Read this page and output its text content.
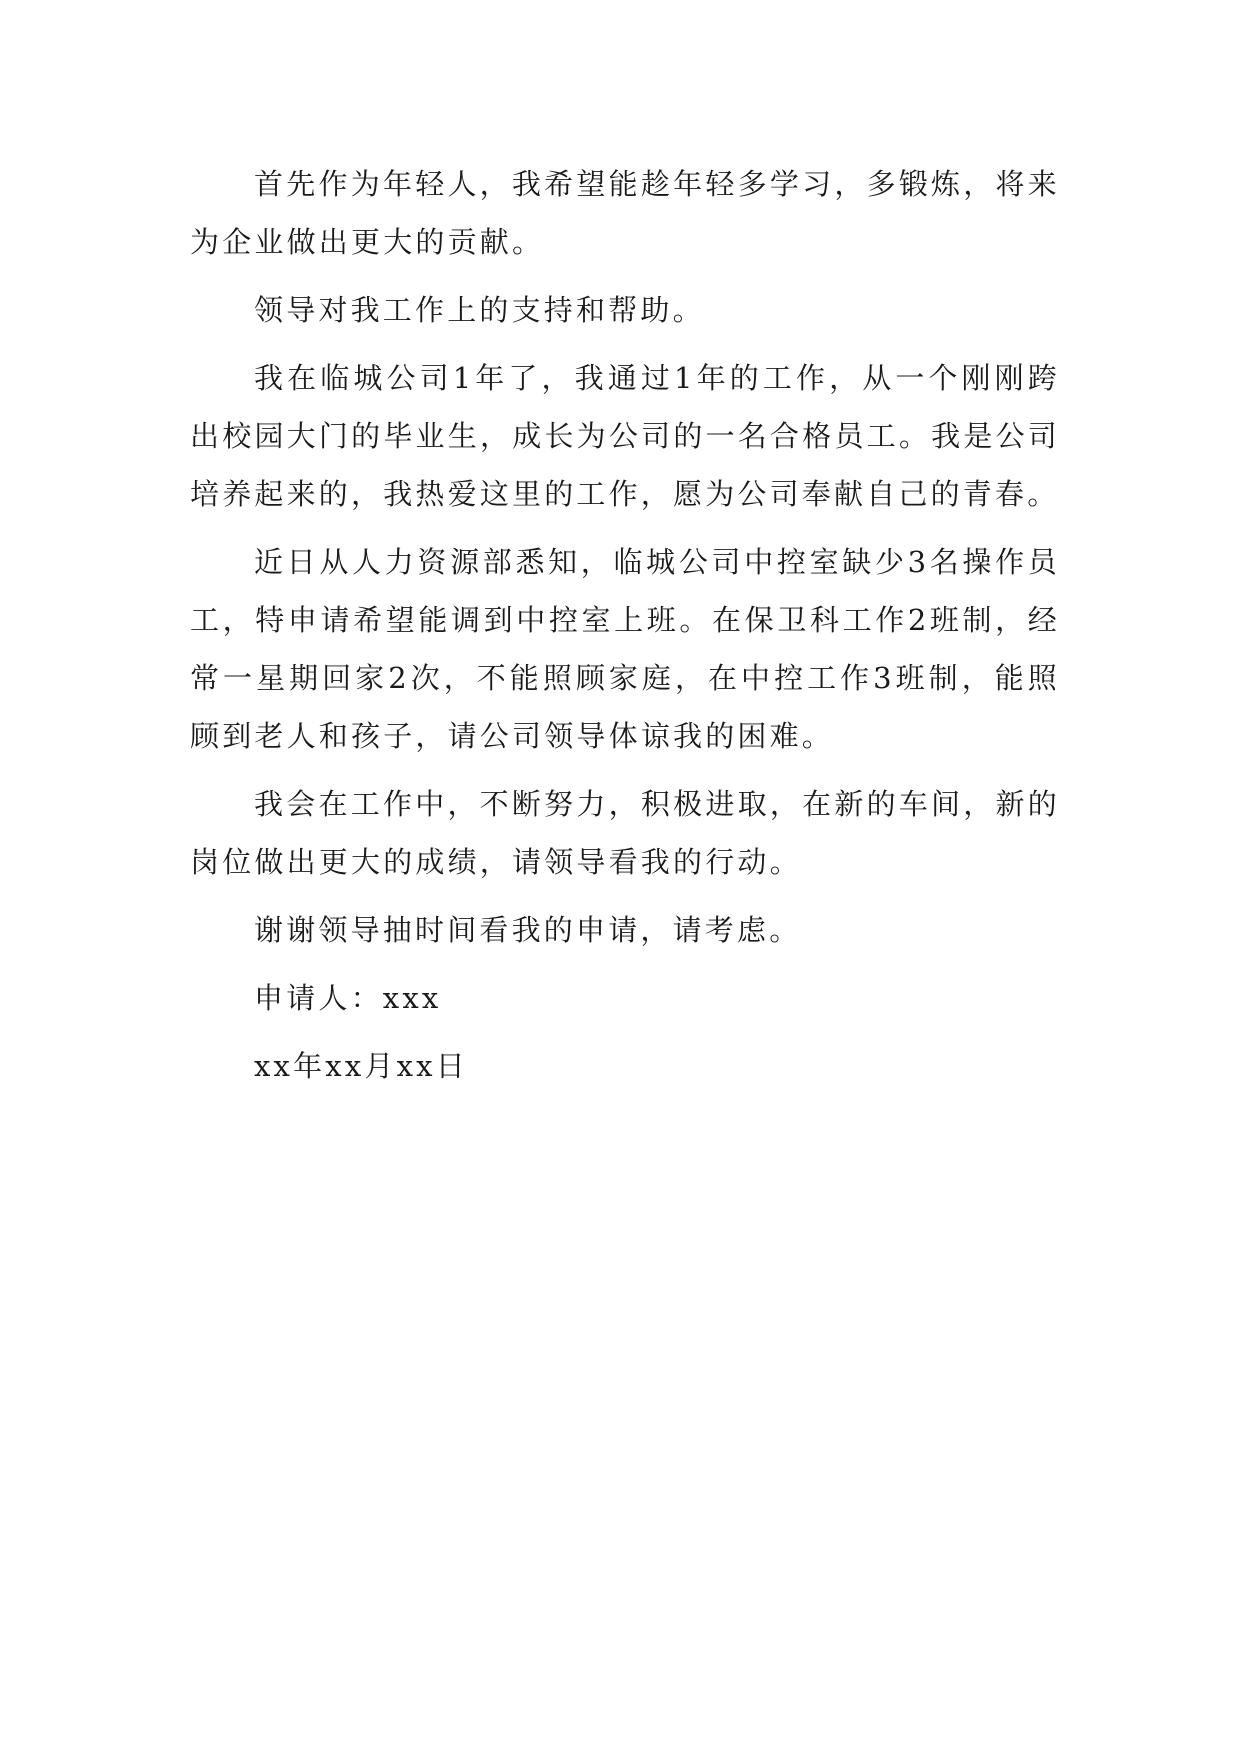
首先作为年轻人，我希望能趁年轻多学习，多锻炼，将来为企业做出更大的贡献。

领导对我工作上的支持和帮助。

我在临城公司1年了，我通过1年的工作，从一个刚刚跨出校园大门的毕业生，成长为公司的一名合格员工。我是公司培养起来的，我热爱这里的工作，愿为公司奉献自己的青春。

近日从人力资源部悉知，临城公司中控室缺少3名操作员工，特申请希望能调到中控室上班。在保卫科工作2班制，经常一星期回家2次，不能照顾家庭，在中控工作3班制，能照顾到老人和孩子，请公司领导体谅我的困难。

我会在工作中，不断努力，积极进取，在新的车间，新的岗位做出更大的成绩，请领导看我的行动。

谢谢领导抽时间看我的申请，请考虑。

申请人：xxx

xx年xx月xx日
